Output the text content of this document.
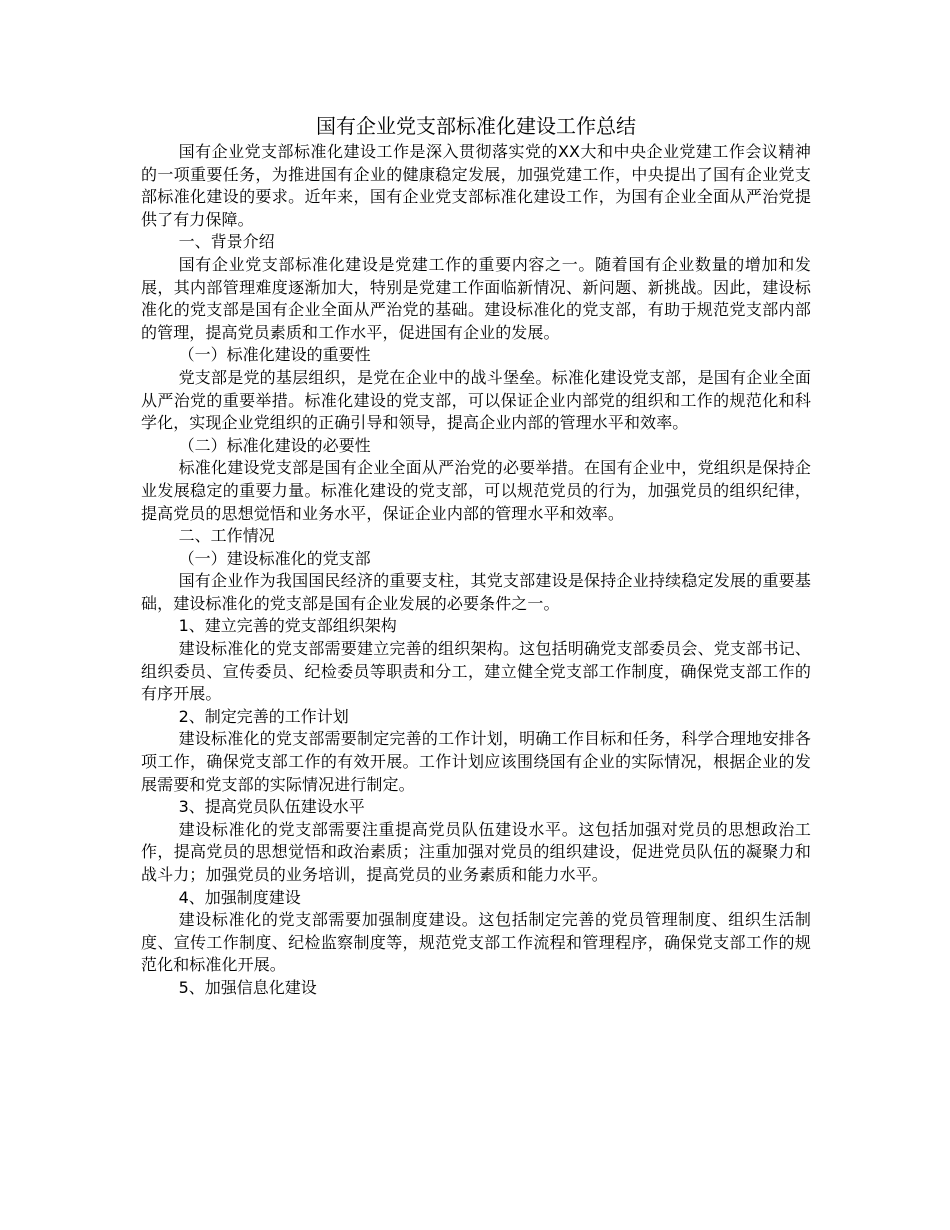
国有企业党支部标准化建设工作总结

国有企业党支部标准化建设工作是深入贯彻落实党的XX大和中央企业党建工作会议精神的一项重要任务，为推进国有企业的健康稳定发展，加强党建工作，中央提出了国有企业党支部标准化建设的要求。近年来，国有企业党支部标准化建设工作，为国有企业全面从严治党提供了有力保障。

一、背景介绍

国有企业党支部标准化建设是党建工作的重要内容之一。随着国有企业数量的增加和发展，其内部管理难度逐渐加大，特别是党建工作面临新情况、新问题、新挑战。因此，建设标准化的党支部是国有企业全面从严治党的基础。建设标准化的党支部，有助于规范党支部内部的管理，提高党员素质和工作水平，促进国有企业的发展。

（一）标准化建设的重要性

党支部是党的基层组织，是党在企业中的战斗堡垒。标准化建设党支部，是国有企业全面从严治党的重要举措。标准化建设的党支部，可以保证企业内部党的组织和工作的规范化和科学化，实现企业党组织的正确引导和领导，提高企业内部的管理水平和效率。

（二）标准化建设的必要性

标准化建设党支部是国有企业全面从严治党的必要举措。在国有企业中，党组织是保持企业发展稳定的重要力量。标准化建设的党支部，可以规范党员的行为，加强党员的组织纪律，提高党员的思想觉悟和业务水平，保证企业内部的管理水平和效率。

二、工作情况

（一）建设标准化的党支部

国有企业作为我国国民经济的重要支柱，其党支部建设是保持企业持续稳定发展的重要基础，建设标准化的党支部是国有企业发展的必要条件之一。

1、建立完善的党支部组织架构

建设标准化的党支部需要建立完善的组织架构。这包括明确党支部委员会、党支部书记、组织委员、宣传委员、纪检委员等职责和分工，建立健全党支部工作制度，确保党支部工作的有序开展。

2、制定完善的工作计划

建设标准化的党支部需要制定完善的工作计划，明确工作目标和任务，科学合理地安排各项工作，确保党支部工作的有效开展。工作计划应该围绕国有企业的实际情况，根据企业的发展需要和党支部的实际情况进行制定。

3、提高党员队伍建设水平

建设标准化的党支部需要注重提高党员队伍建设水平。这包括加强对党员的思想政治工作，提高党员的思想觉悟和政治素质；注重加强对党员的组织建设，促进党员队伍的凝聚力和战斗力；加强党员的业务培训，提高党员的业务素质和能力水平。

4、加强制度建设

建设标准化的党支部需要加强制度建设。这包括制定完善的党员管理制度、组织生活制度、宣传工作制度、纪检监察制度等，规范党支部工作流程和管理程序，确保党支部工作的规范化和标准化开展。

5、加强信息化建设
